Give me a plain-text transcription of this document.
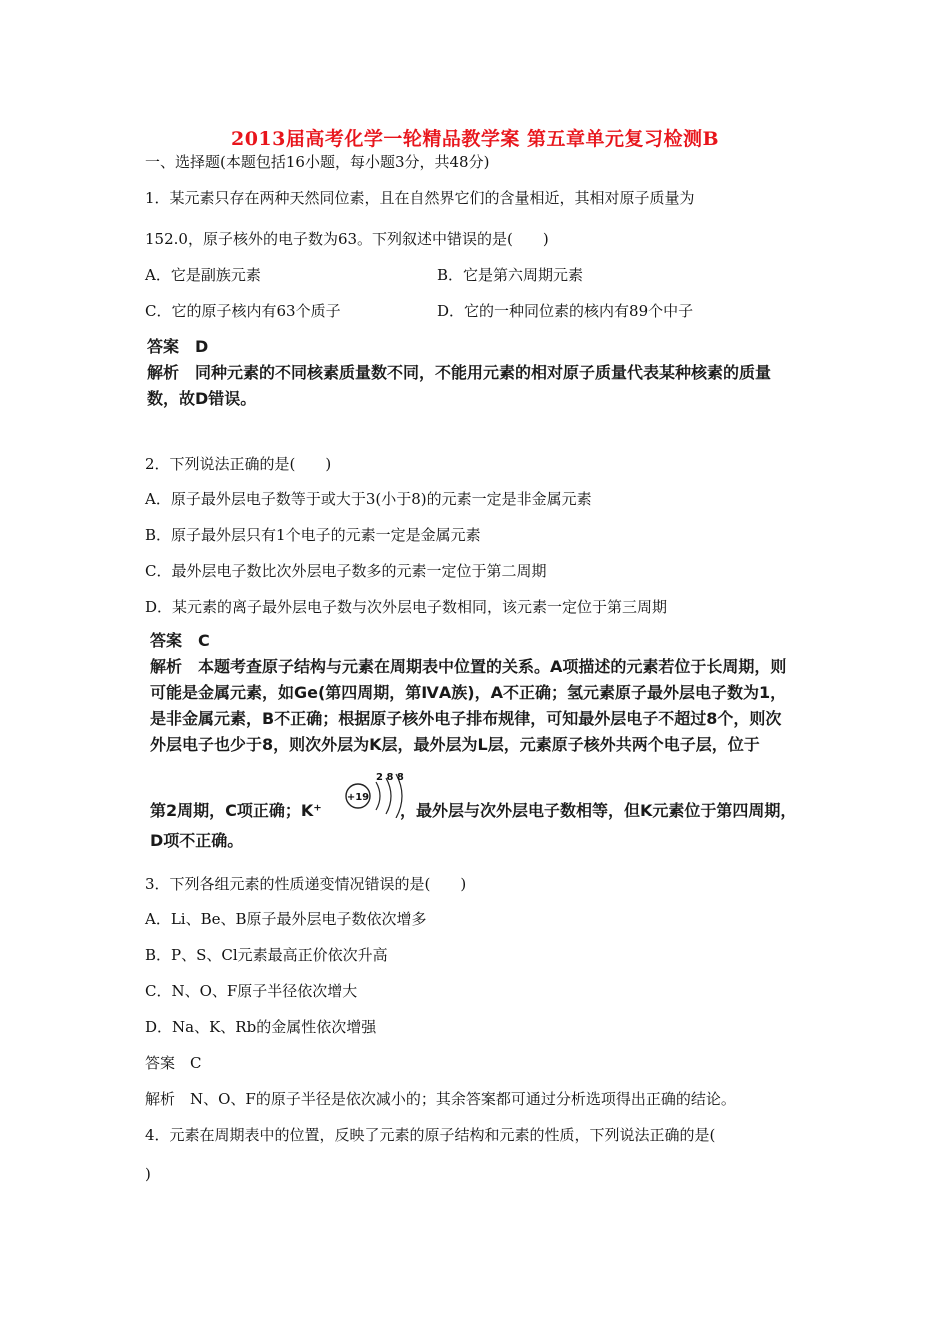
2013届高考化学一轮精品教学案 第五章单元复习检测B
一、选择题(本题包括16小题，每小题3分，共48分)
1．某元素只存在两种天然同位素，且在自然界它们的含量相近，其相对原子质量为
152.0，原子核外的电子数为63。下列叙述中错误的是(　　)
A．它是副族元素	B．它是第六周期元素
C．它的原子核内有63个质子	D．它的一种同位素的核内有89个中子
答案　D
解析　同种元素的不同核素质量数不同，不能用元素的相对原子质量代表某种核素的质量
数，故D错误。
2．下列说法正确的是(　　)
A．原子最外层电子数等于或大于3(小于8)的元素一定是非金属元素
B．原子最外层只有1个电子的元素一定是金属元素
C．最外层电子数比次外层电子数多的元素一定位于第二周期
D．某元素的离子最外层电子数与次外层电子数相同，该元素一定位于第三周期
答案　C
解析　本题考查原子结构与元素在周期表中位置的关系。A项描述的元素若位于长周期，则
可能是金属元素，如Ge(第四周期，第ⅣA族)，A不正确；氢元素原子最外层电子数为1，
是非金属元素，B不正确；根据原子核外电子排布规律，可知最外层电子不超过8个，则次
外层电子也少于8，则次外层为K层，最外层为L层，元素原子核外共两个电子层，位于
+19
2 8 8
第2周期，C项正确；K⁺	，最外层与次外层电子数相等，但K元素位于第四周期，
D项不正确。
3．下列各组元素的性质递变情况错误的是(　　)
A．Li、Be、B原子最外层电子数依次增多
B．P、S、Cl元素最高正价依次升高
C．N、O、F原子半径依次增大
D．Na、K、Rb的金属性依次增强
答案　C
解析　N、O、F的原子半径是依次减小的；其余答案都可通过分析选项得出正确的结论。
4．元素在周期表中的位置，反映了元素的原子结构和元素的性质，下列说法正确的是(
)
